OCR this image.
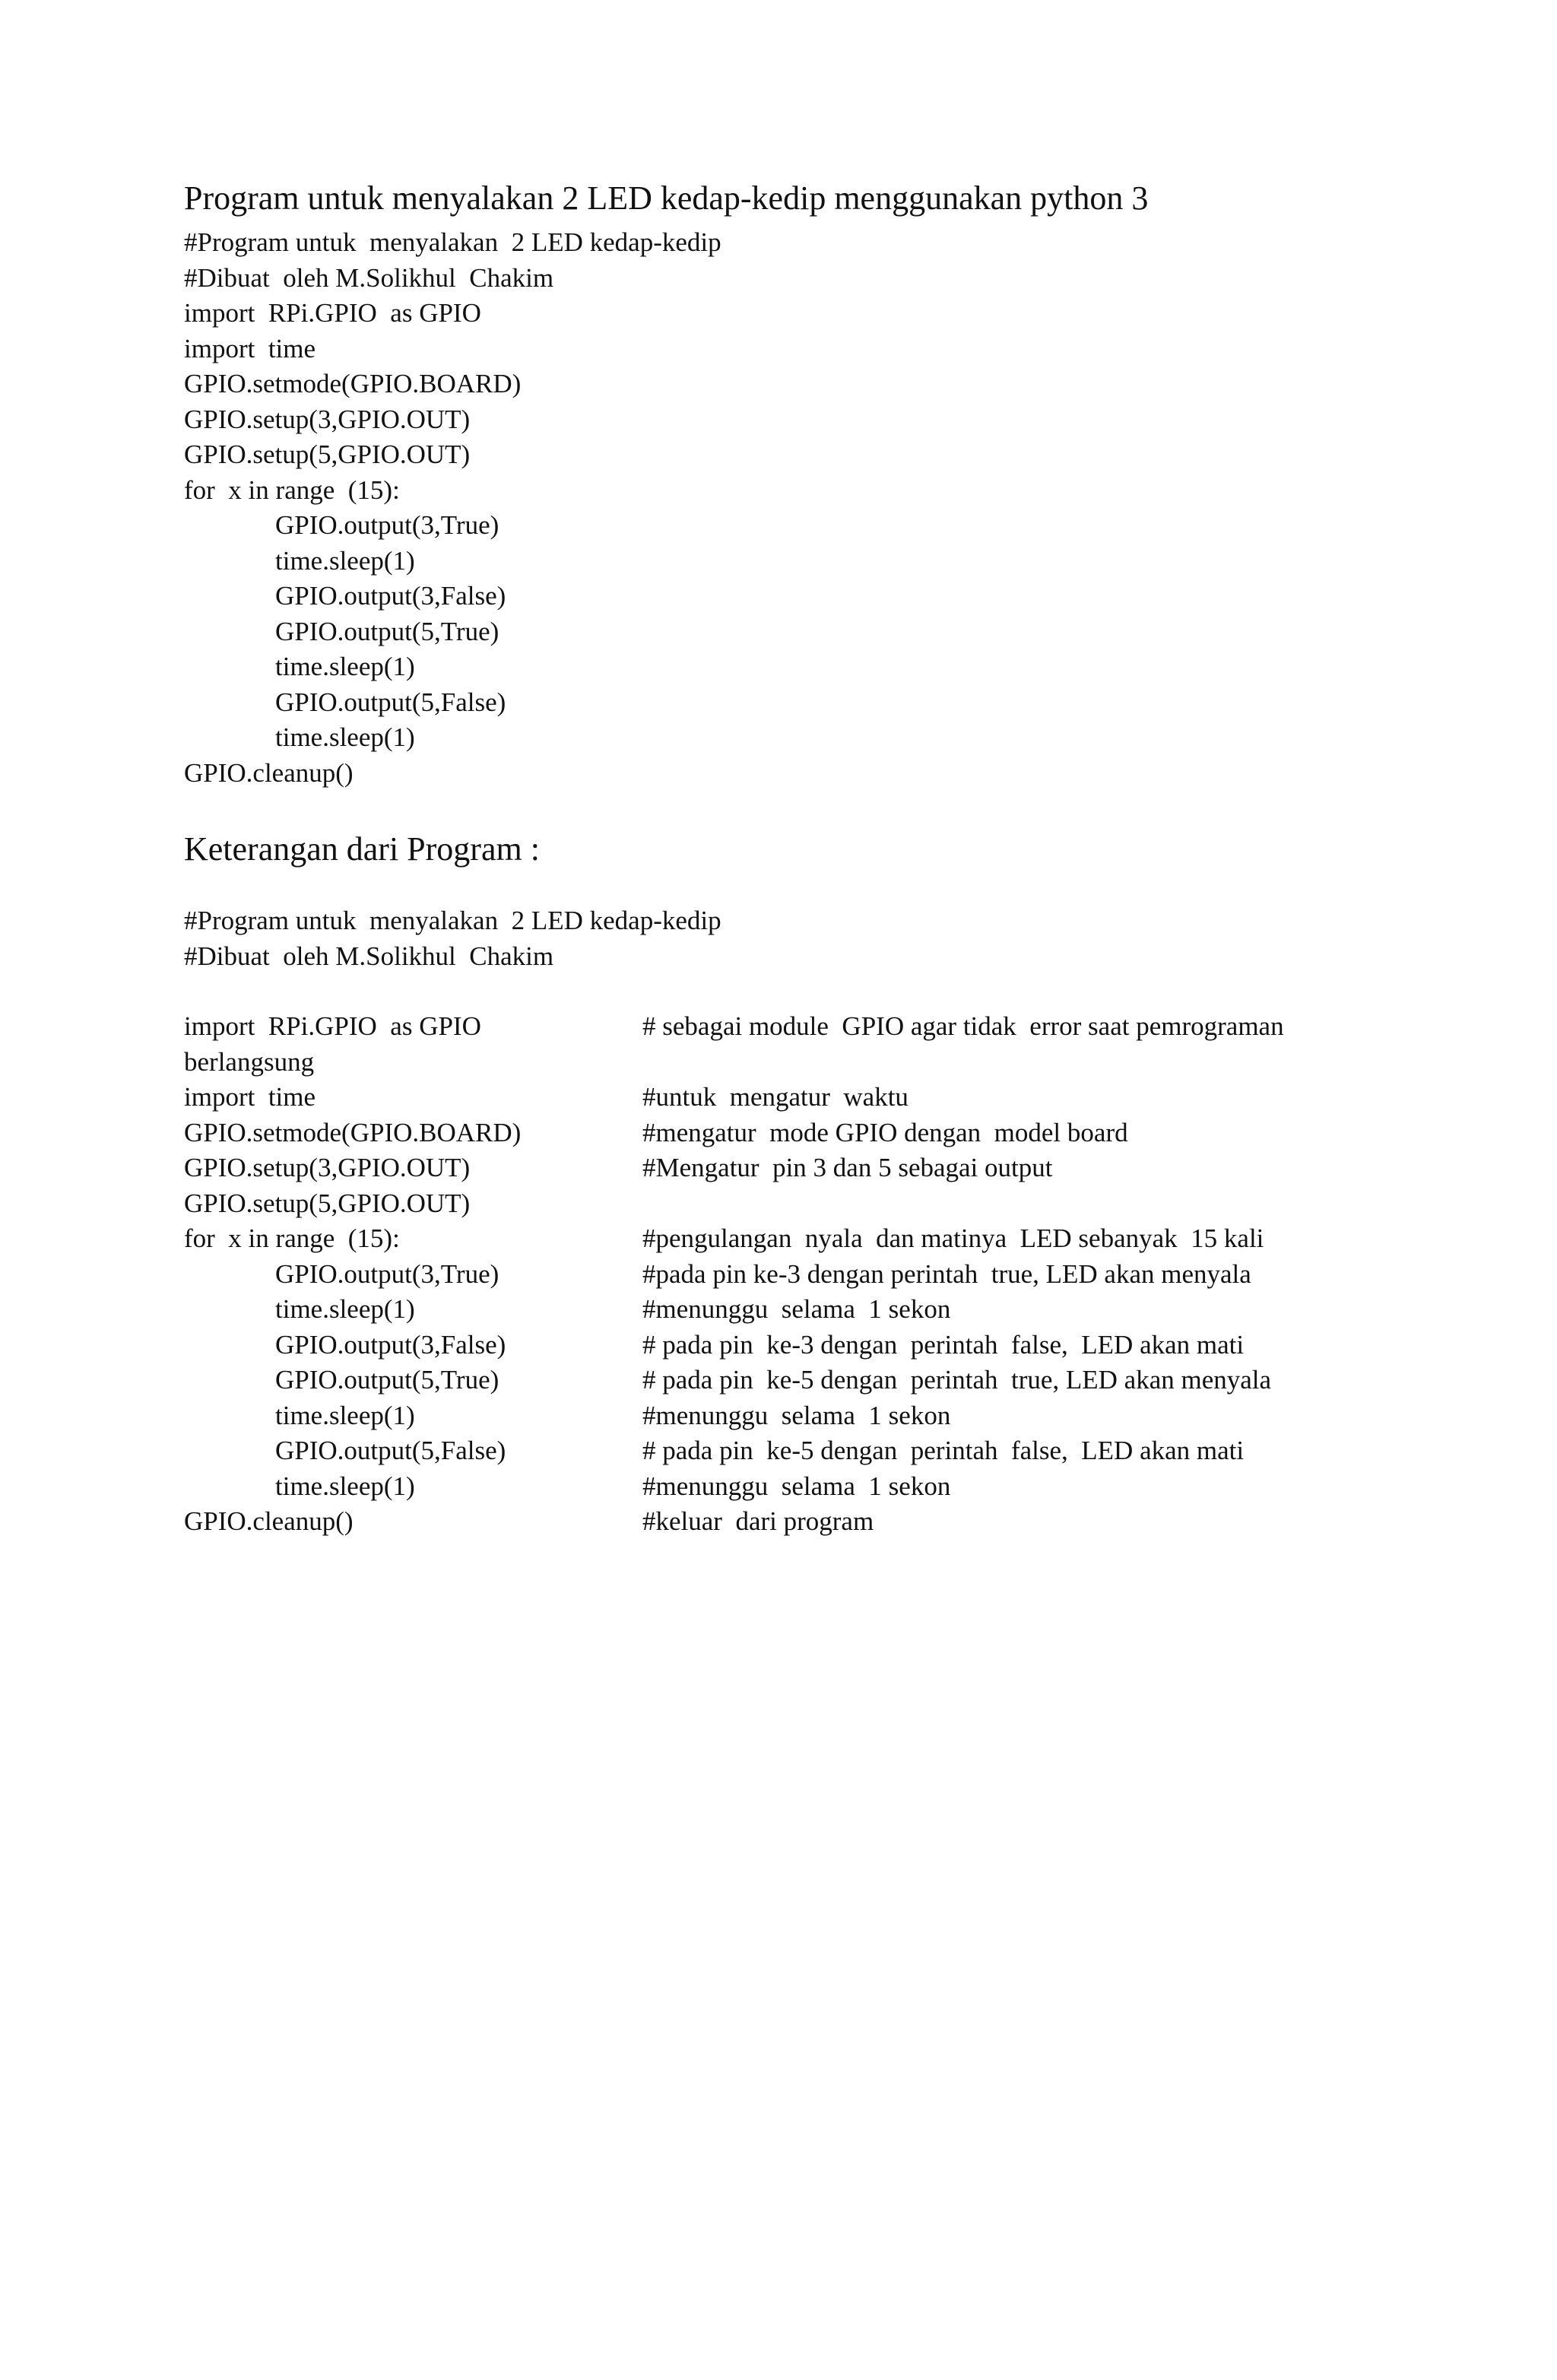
Program untuk menyalakan 2 LED kedap-kedip menggunakan python 3
#Program untuk  menyalakan  2 LED kedap-kedip
#Dibuat  oleh M.Solikhul  Chakim
import  RPi.GPIO  as GPIO
import  time
GPIO.setmode(GPIO.BOARD)
GPIO.setup(3,GPIO.OUT)
GPIO.setup(5,GPIO.OUT)
for  x in range  (15):
GPIO.output(3,True)
time.sleep(1)
GPIO.output(3,False)
GPIO.output(5,True)
time.sleep(1)
GPIO.output(5,False)
time.sleep(1)
GPIO.cleanup()
Keterangan dari Program :
#Program untuk  menyalakan  2 LED kedap-kedip
#Dibuat  oleh M.Solikhul  Chakim
import  RPi.GPIO  as GPIO	# sebagai module  GPIO agar tidak  error saat pemrograman
berlangsung
import  time	#untuk  mengatur  waktu
GPIO.setmode(GPIO.BOARD)	#mengatur  mode GPIO dengan  model board
GPIO.setup(3,GPIO.OUT)	#Mengatur  pin 3 dan 5 sebagai output
GPIO.setup(5,GPIO.OUT)
for  x in range  (15):	#pengulangan  nyala  dan matinya  LED sebanyak  15 kali
GPIO.output(3,True)	#pada pin ke-3 dengan perintah  true, LED akan menyala
time.sleep(1)	#menunggu  selama  1 sekon
GPIO.output(3,False)	# pada pin  ke-3 dengan  perintah  false,  LED akan mati
GPIO.output(5,True)	# pada pin  ke-5 dengan  perintah  true, LED akan menyala
time.sleep(1)	#menunggu  selama  1 sekon
GPIO.output(5,False)	# pada pin  ke-5 dengan  perintah  false,  LED akan mati
time.sleep(1)	#menunggu  selama  1 sekon
GPIO.cleanup()	#keluar  dari program
